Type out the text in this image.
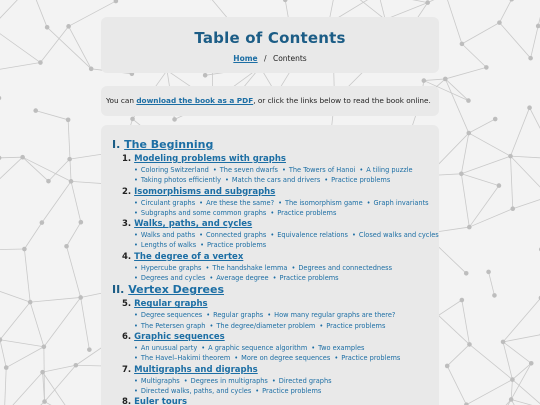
Table of Contents
Home / Contents
You can download the book as a PDF, or click the links below to read the book online.
I. The Beginning
1. Modeling problems with graphs
• Coloring Switzerland • The seven dwarfs • The Towers of Hanoi • A tiling puzzle
• Taking photos efficiently • Match the cars and drivers • Practice problems
2. Isomorphisms and subgraphs
• Circulant graphs • Are these the same? • The isomorphism game • Graph invariants
• Subgraphs and some common graphs • Practice problems
3. Walks, paths, and cycles
• Walks and paths • Connected graphs • Equivalence relations • Closed walks and cycles
• Lengths of walks • Practice problems
4. The degree of a vertex
• Hypercube graphs • The handshake lemma • Degrees and connectedness
• Degrees and cycles • Average degree • Practice problems
II. Vertex Degrees
5. Regular graphs
• Degree sequences • Regular graphs • How many regular graphs are there?
• The Petersen graph • The degree/diameter problem • Practice problems
6. Graphic sequences
• An unusual party • A graphic sequence algorithm • Two examples
• The Havel–Hakimi theorem • More on degree sequences • Practice problems
7. Multigraphs and digraphs
• Multigraphs • Degrees in multigraphs • Directed graphs
• Directed walks, paths, and cycles • Practice problems
8. Euler tours
